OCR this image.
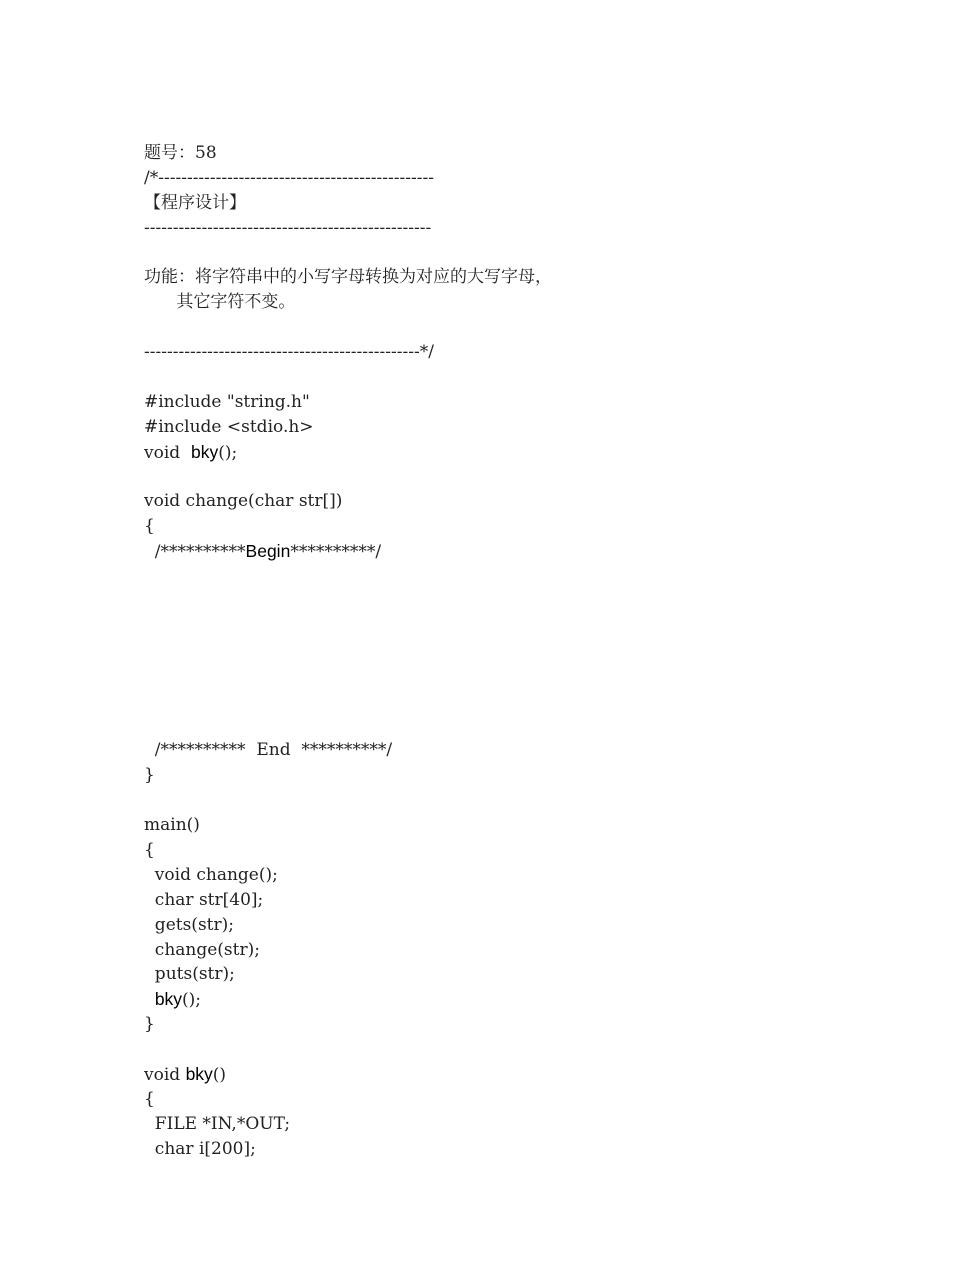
题号：58
/*------------------------------------------------
【程序设计】
--------------------------------------------------
功能：将字符串中的小写字母转换为对应的大写字母，
其它字符不变。
------------------------------------------------*/
#include "string.h"
#include <stdio.h>
void  bky();
void change(char str[])
{
/**********Begin**********/
/**********  End  **********/
}
main()
{
void change();
char str[40];
gets(str);
change(str);
puts(str);
bky();
}
void bky()
{
FILE *IN,*OUT;
char i[200];
